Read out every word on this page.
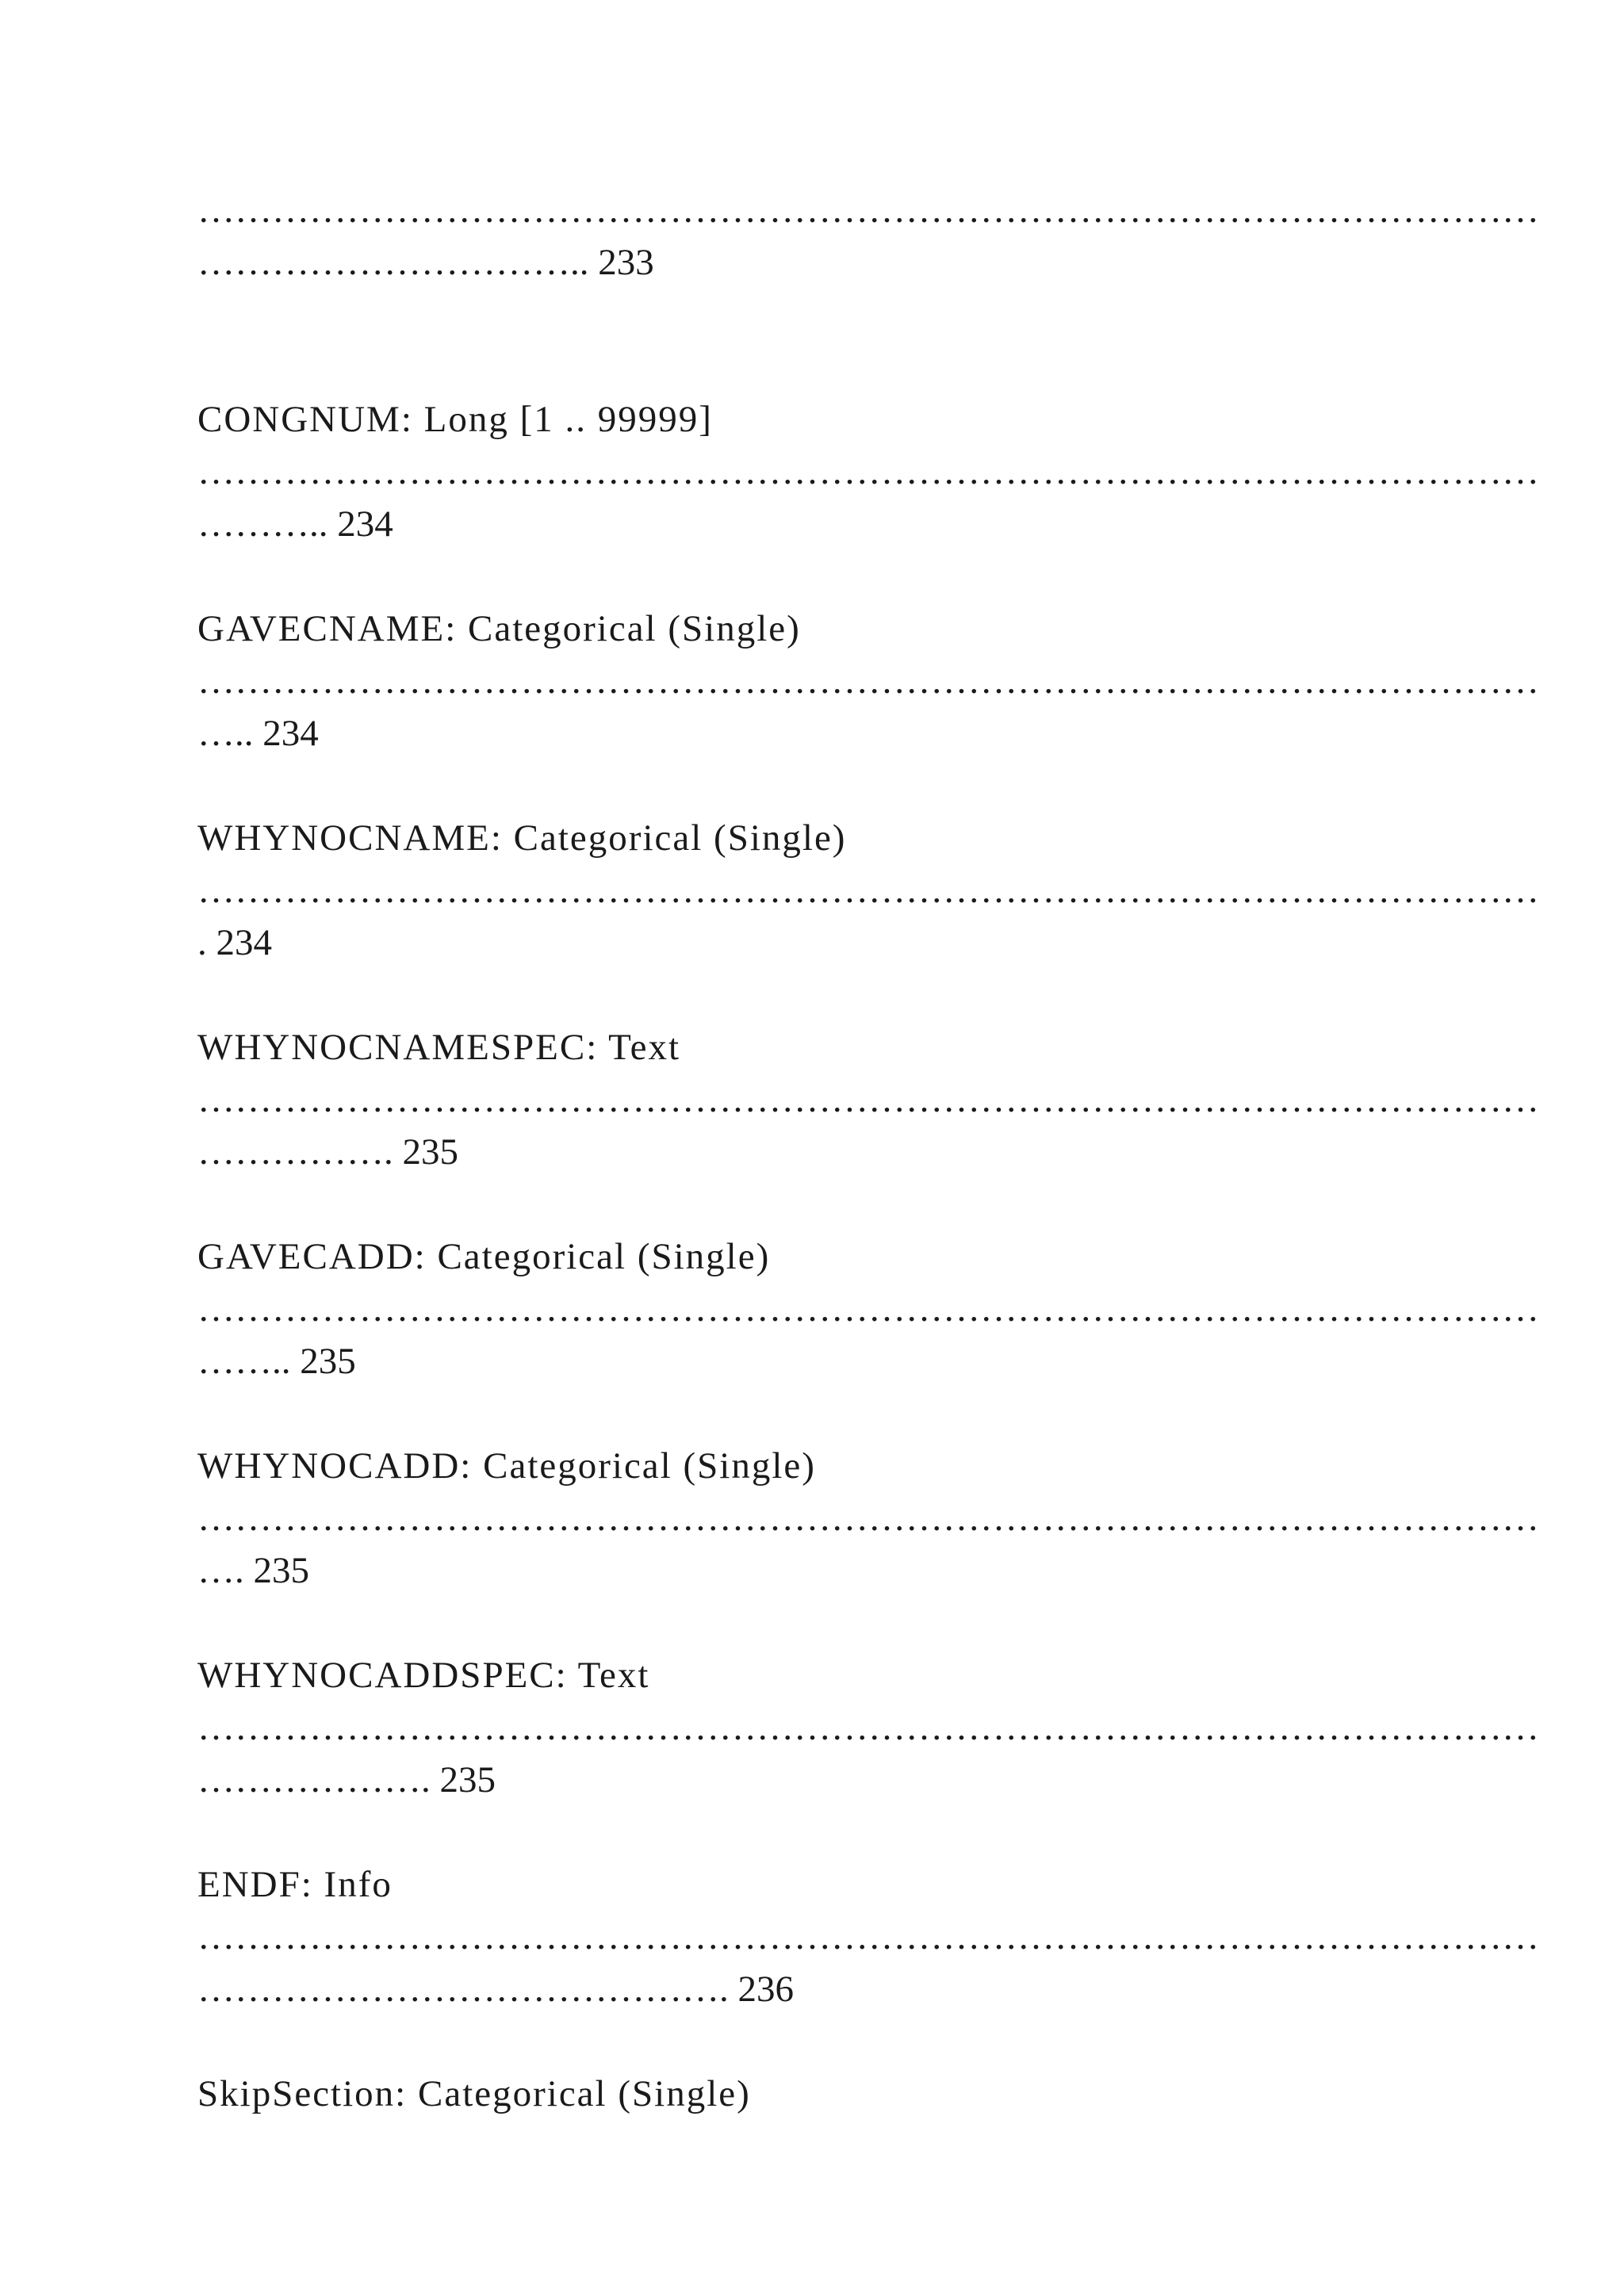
……………………………………………………………………………………………… ………………………….. 233
CONGNUM: Long [1 .. 99999]
……………………………………………………………………………………………… ……….. 234
GAVECNAME: Categorical (Single)
……………………………………………………………………………………………… ….. 234
WHYNOCNAME: Categorical (Single)
……………………………………………………………………………………………… . 234
WHYNOCNAMESPEC: Text
……………………………………………………………………………………………… ……………. 235
GAVECADD: Categorical (Single)
……………………………………………………………………………………………… …….. 235
WHYNOCADD: Categorical (Single)
……………………………………………………………………………………………… …. 235
WHYNOCADDSPEC: Text
……………………………………………………………………………………………… ………………. 235
ENDF: Info
……………………………………………………………………………………………… ……………………………………. 236
SkipSection: Categorical (Single)
